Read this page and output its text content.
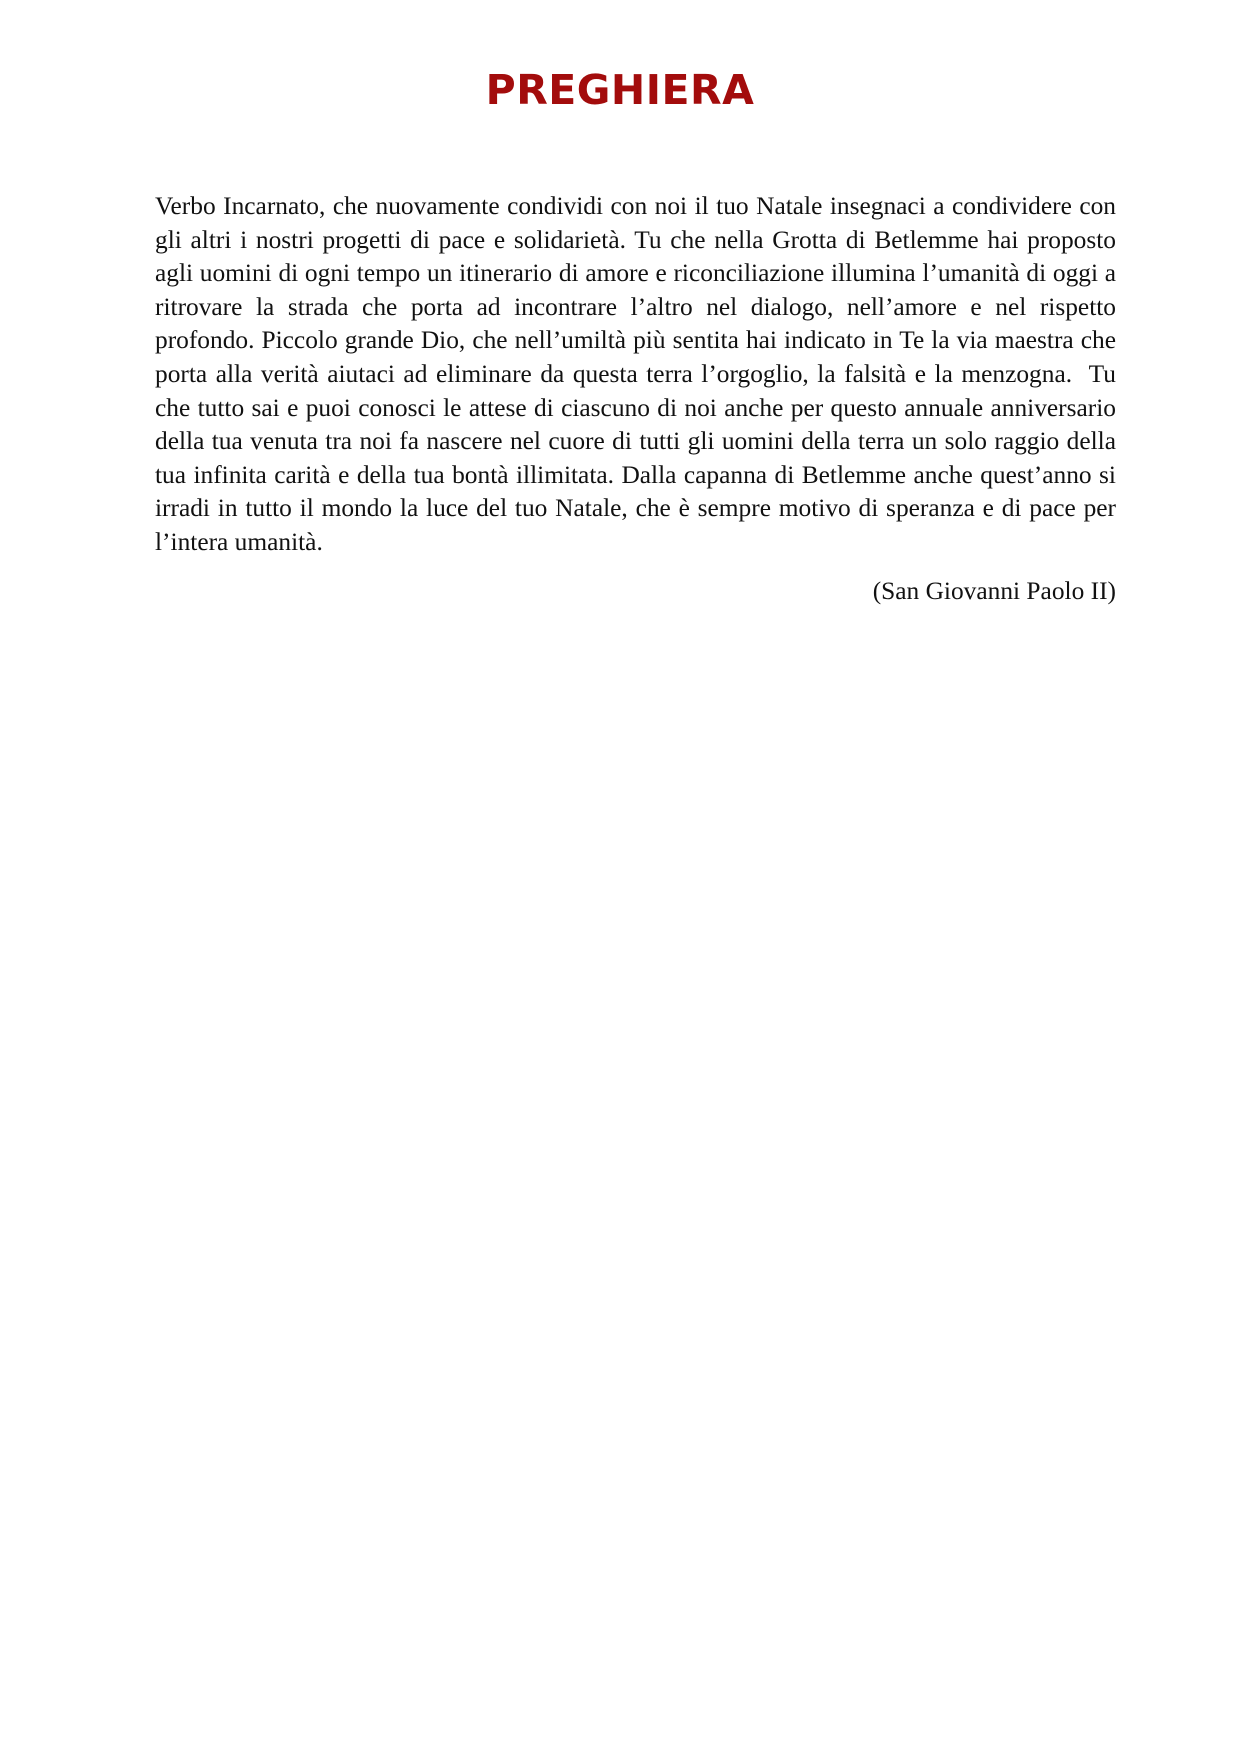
PREGHIERA

Verbo Incarnato, che nuovamente condividi con noi il tuo Natale insegnaci a condividere con gli altri i nostri progetti di pace e solidarietà. Tu che nella Grotta di Betlemme hai proposto agli uomini di ogni tempo un itinerario di amore e riconciliazione illumina l’umanità di oggi a ritrovare la strada che porta ad incontrare l’altro nel dialogo, nell’amore e nel rispetto profondo. Piccolo grande Dio, che nell’umiltà più sentita hai indicato in Te la via maestra che porta alla verità aiutaci ad eliminare da questa terra l’orgoglio, la falsità e la menzogna.  Tu che tutto sai e puoi conosci le attese di ciascuno di noi anche per questo annuale anniversario della tua venuta tra noi fa nascere nel cuore di tutti gli uomini della terra un solo raggio della tua infinita carità e della tua bontà illimitata. Dalla capanna di Betlemme anche quest’anno si irradi in tutto il mondo la luce del tuo Natale, che è sempre motivo di speranza e di pace per l’intera umanità.

(San Giovanni Paolo II)
